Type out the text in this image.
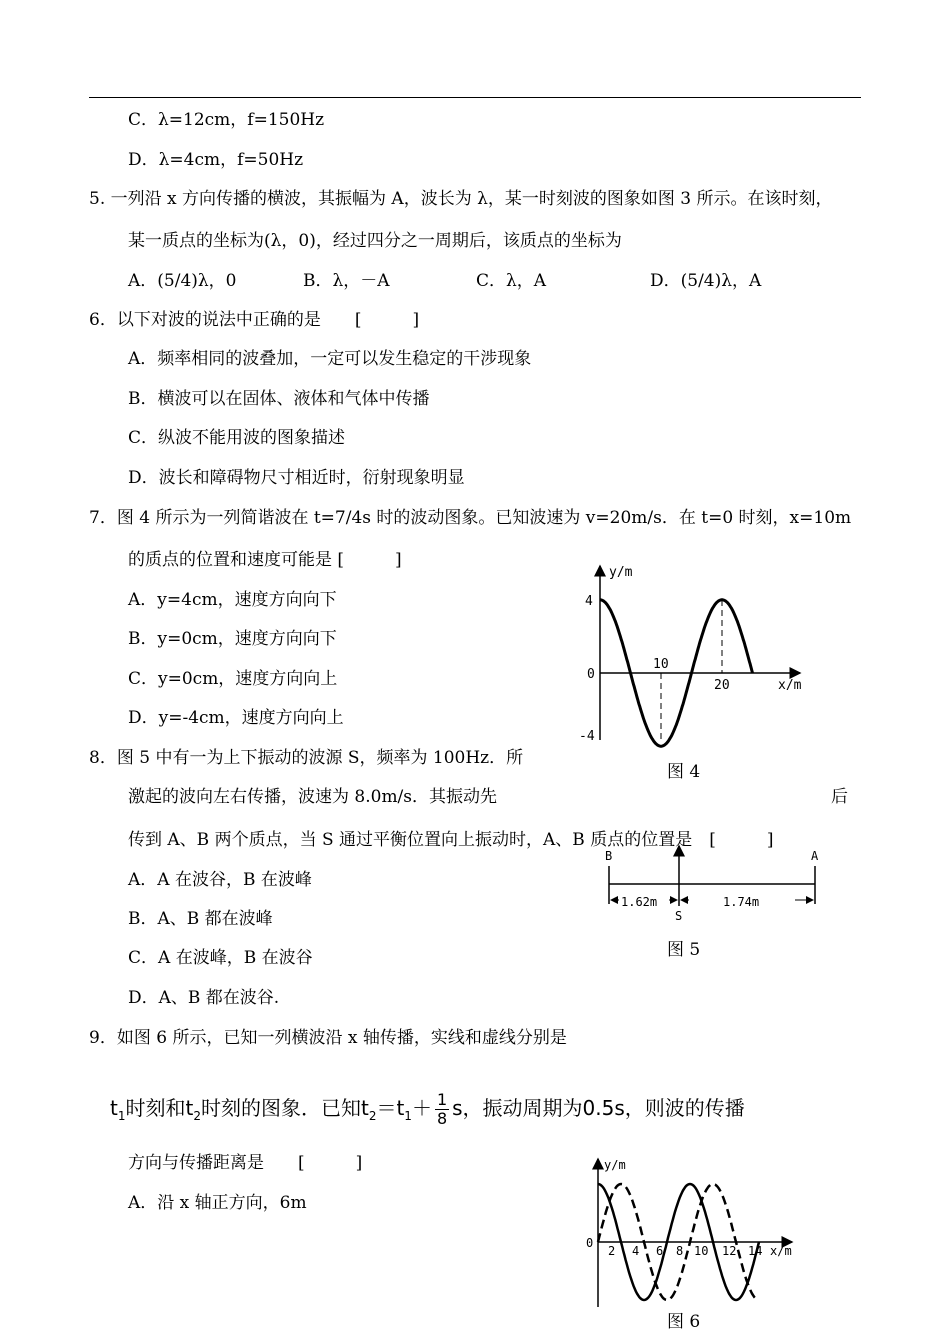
C．λ=12cm，f=150Hz
D．λ=4cm，f=50Hz
5. 一列沿 x 方向传播的横波，其振幅为 A，波长为 λ，某一时刻波的图象如图 3 所示。在该时刻，
某一质点的坐标为(λ，0)，经过四分之一周期后，该质点的坐标为
A．(5/4)λ，0	B．λ，－A	C．λ，A	D．(5/4)λ，A
6．以下对波的说法中正确的是　　[　　　]
A．频率相同的波叠加，一定可以发生稳定的干涉现象
B．横波可以在固体、液体和气体中传播
C．纵波不能用波的图象描述
D．波长和障碍物尺寸相近时，衍射现象明显
7．图 4 所示为一列简谐波在 t=7/4s 时的波动图象。已知波速为 v=20m/s．在 t=0 时刻，x=10m
的质点的位置和速度可能是 [　　　]
A．y=4cm，速度方向向下
B．y=0cm，速度方向向下
C．y=0cm，速度方向向上
D．y=-4cm，速度方向向上
8．图 5 中有一为上下振动的波源 S，频率为 100Hz．所
激起的波向左右传播，波速为 8.0m/s．其振动先	后
传到 A、B 两个质点，当 S 通过平衡位置向上振动时，A、B 质点的位置是　[　　　]
A．A 在波谷，B 在波峰
B．A、B 都在波峰
C．A 在波峰，B 在波谷
D．A、B 都在波谷.
9．如图 6 所示，已知一列横波沿 x 轴传播，实线和虚线分别是
$t_1$时刻和$t_2$时刻的图象．已知$t_2=t_1+ \frac{1}{8}$ s，振动周期为0.5s，则波的传播
方向与传播距离是　　[　　　]
A．沿 x 轴正方向，6m
y/m
4
0
-4
10
20	x/m
图 4
B	A
1.62m	1.74m
S
图 5
y/m
0
2 4 6 8 10 12 14 x/m
图 6
